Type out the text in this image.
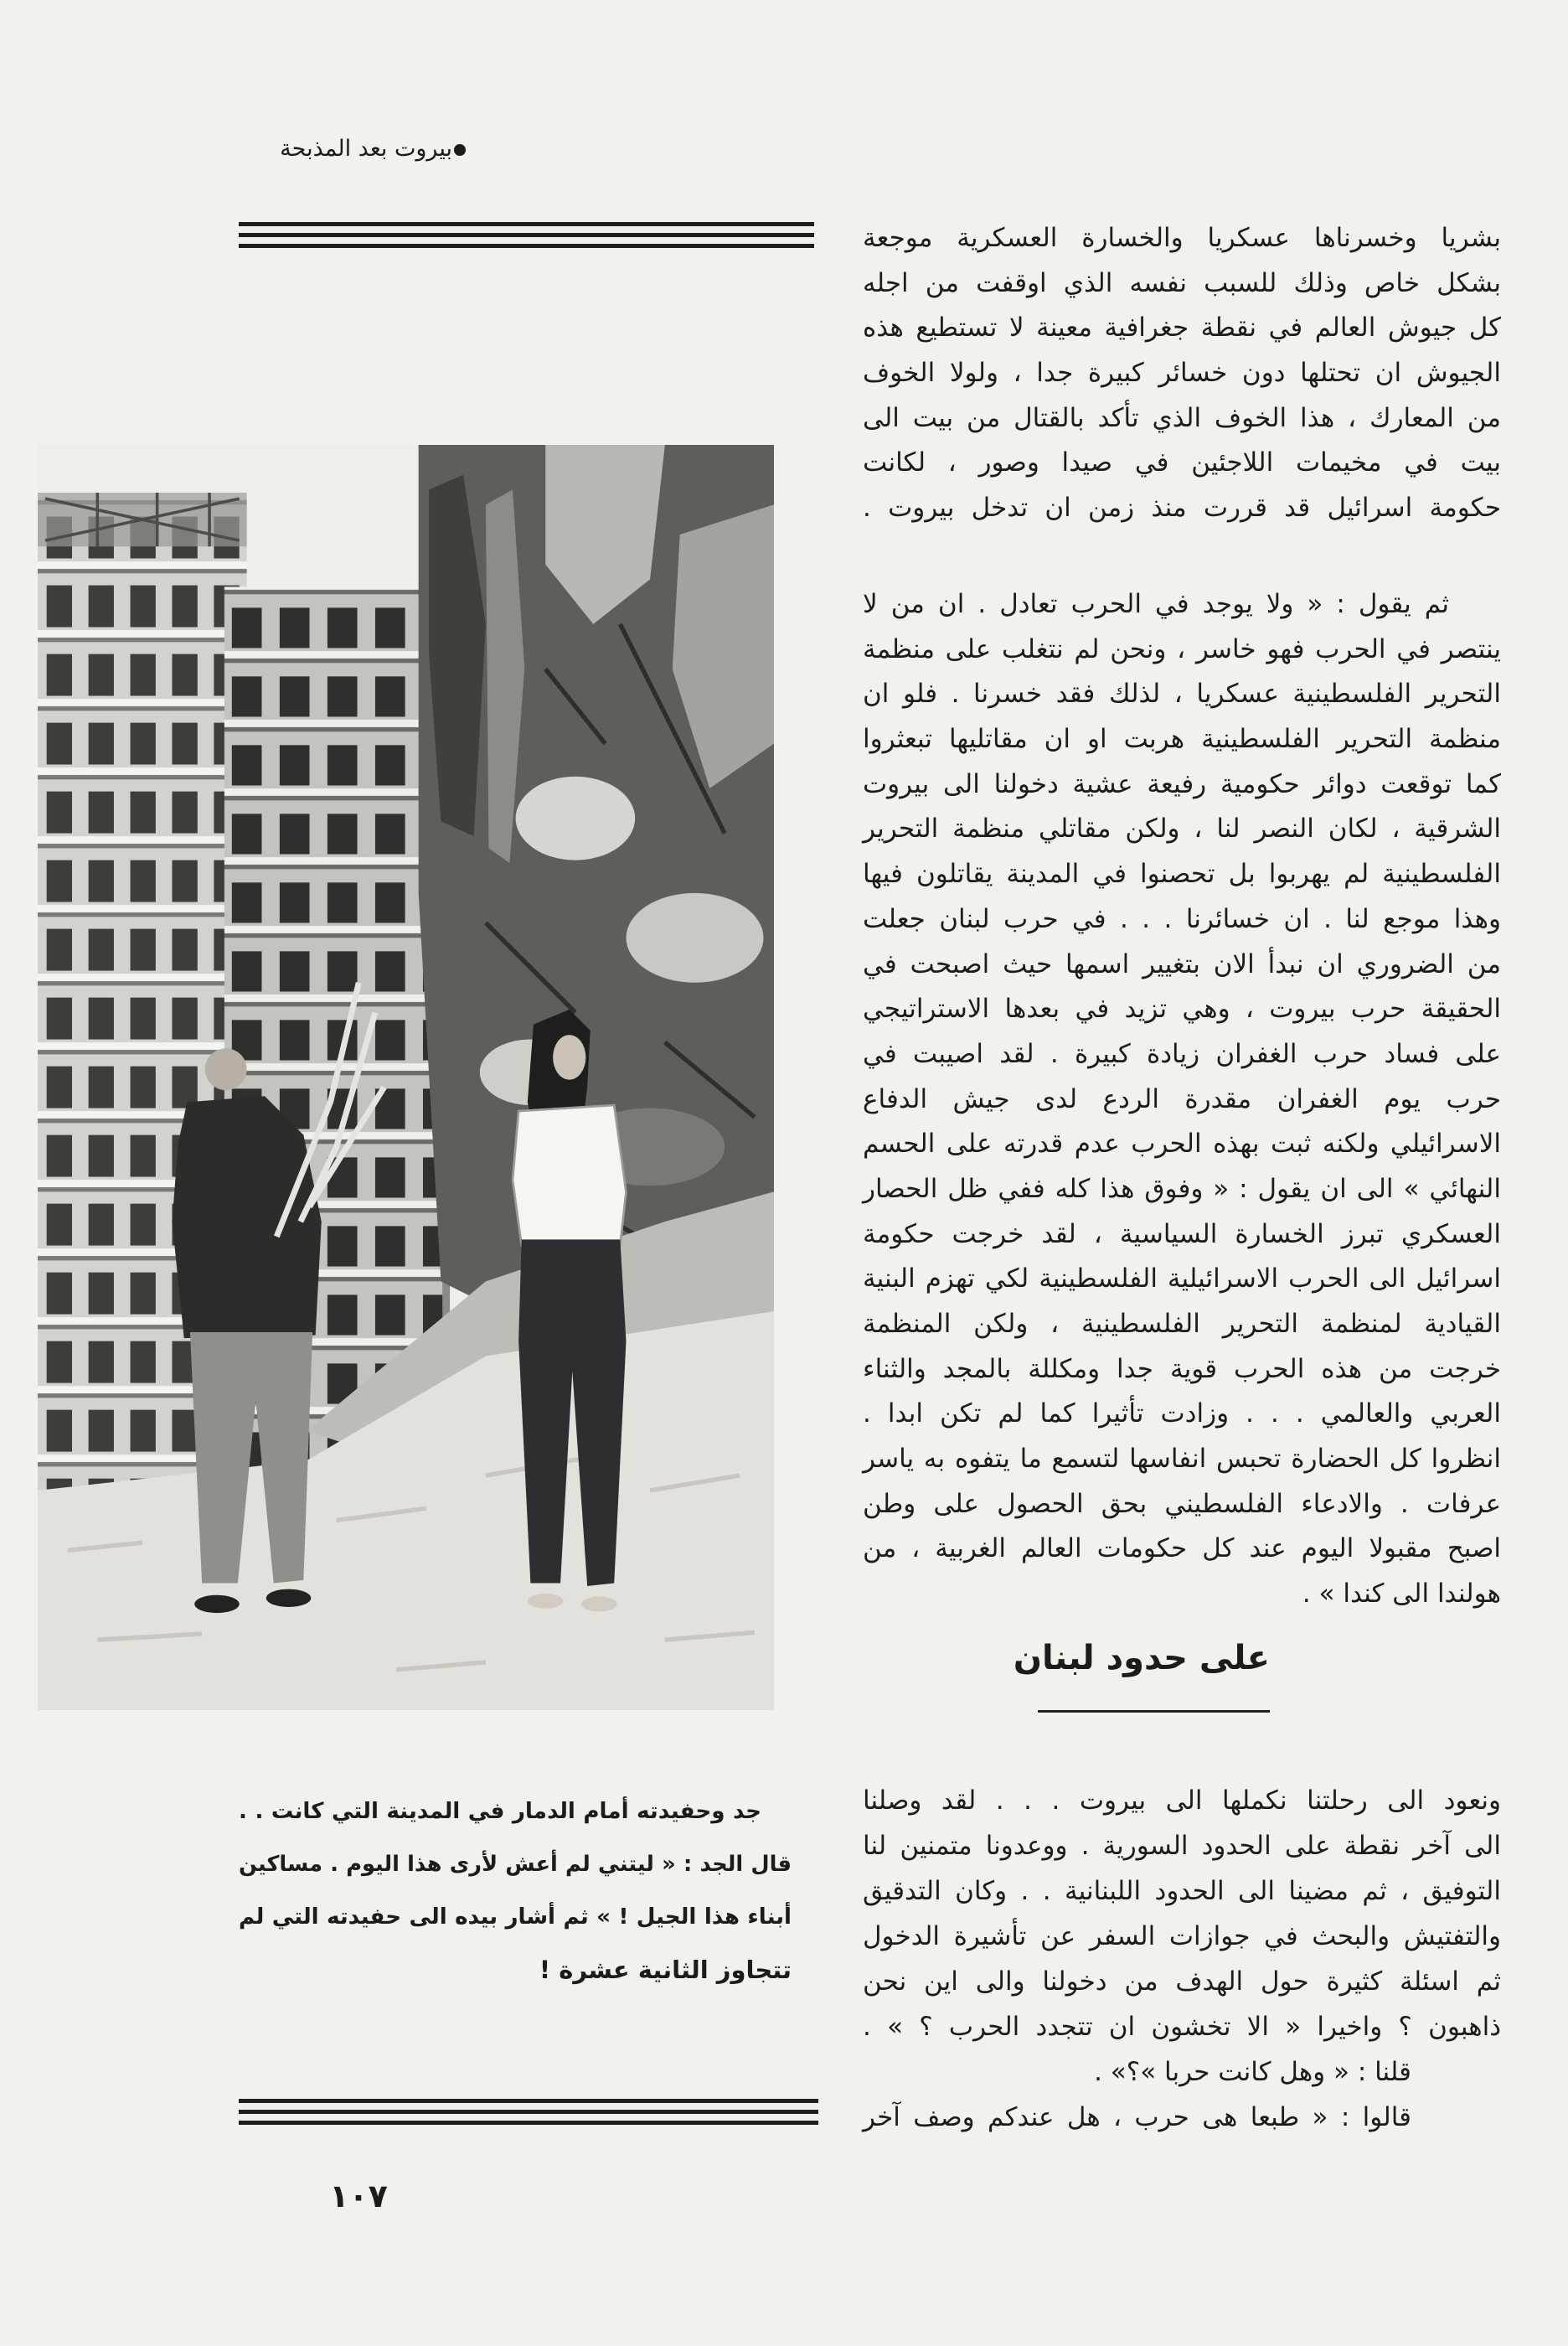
بيروت بعد المذبحة
بشريا وخسرناها عسكريا والخسارة العسكرية موجعة
بشكل خاص وذلك للسبب نفسه الذي اوقفت من اجله
كل جيوش العالم في نقطة جغرافية معينة لا تستطيع هذه
الجيوش ان تحتلها دون خسائر كبيرة جدا ، ولولا الخوف
من المعارك ، هذا الخوف الذي تأكد بالقتال من بيت الى
بيت في مخيمات اللاجئين في صيدا وصور ، لكانت
حكومة اسرائيل قد قررت منذ زمن ان تدخل بيروت .
ثم يقول : « ولا يوجد في الحرب تعادل . ان من لا
ينتصر في الحرب فهو خاسر ، ونحن لم نتغلب على منظمة
التحرير الفلسطينية عسكريا ، لذلك فقد خسرنا . فلو ان
منظمة التحرير الفلسطينية هربت او ان مقاتليها تبعثروا
كما توقعت دوائر حكومية رفيعة عشية دخولنا الى بيروت
الشرقية ، لكان النصر لنا ، ولكن مقاتلي منظمة التحرير
الفلسطينية لم يهربوا بل تحصنوا في المدينة يقاتلون فيها
وهذا موجع لنا . ان خسائرنا . . . في حرب لبنان جعلت
من الضروري ان نبدأ الان بتغيير اسمها حيث اصبحت في
الحقيقة حرب بيروت ، وهي تزيد في بعدها الاستراتيجي
على فساد حرب الغفران زيادة كبيرة . لقد اصيبت في
حرب يوم الغفران مقدرة الردع لدى جيش الدفاع
الاسرائيلي ولكنه ثبت بهذه الحرب عدم قدرته على الحسم
النهائي » الى ان يقول : « وفوق هذا كله ففي ظل الحصار
العسكري تبرز الخسارة السياسية ، لقد خرجت حكومة
اسرائيل الى الحرب الاسرائيلية الفلسطينية لكي تهزم البنية
القيادية لمنظمة التحرير الفلسطينية ، ولكن المنظمة
خرجت من هذه الحرب قوية جدا ومكللة بالمجد والثناء
العربي والعالمي . . . وزادت تأثيرا كما لم تكن ابدا .
انظروا كل الحضارة تحبس انفاسها لتسمع ما يتفوه به ياسر
عرفات . والادعاء الفلسطيني بحق الحصول على وطن
اصبح مقبولا اليوم عند كل حكومات العالم الغربية ، من
هولندا الى كندا » .
على حدود لبنان
ونعود الى رحلتنا نكملها الى بيروت . . . لقد وصلنا
الى آخر نقطة على الحدود السورية . ووعدونا متمنين لنا
التوفيق ، ثم مضينا الى الحدود اللبنانية . . وكان التدقيق
والتفتيش والبحث في جوازات السفر عن تأشيرة الدخول
ثم اسئلة كثيرة حول الهدف من دخولنا والى اين نحن
ذاهبون ؟ واخيرا « الا تخشون ان تتجدد الحرب ؟ » .
قلنا : « وهل كانت حربا »؟» .
قالوا : « طبعا هى حرب ، هل عندكم وصف آخر
جد وحفيدته أمام الدمار في المدينة التي كانت . .
قال الجد : « ليتني لم أعش لأرى هذا اليوم . مساكين
أبناء هذا الجيل ! » ثم أشار بيده الى حفيدته التي لم
تتجاوز الثانية عشرة !
١٠٧
